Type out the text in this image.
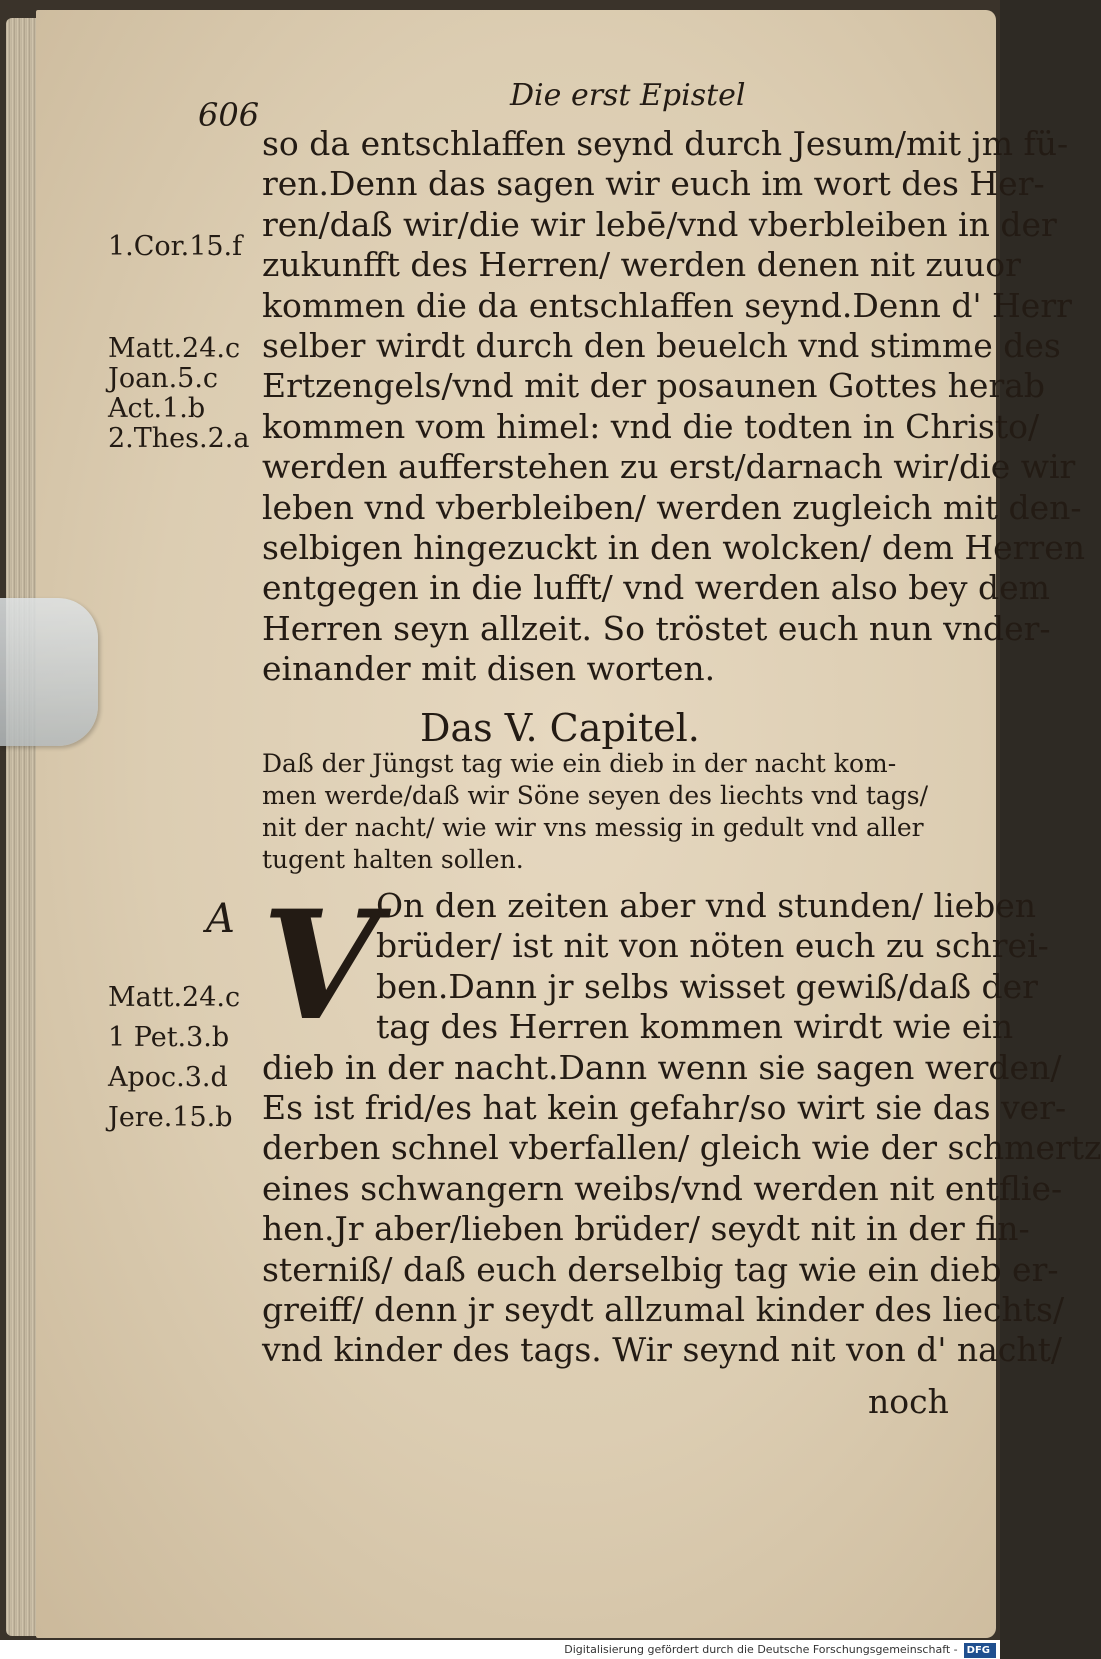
Die erst Epistel
606
so da entschlaffen seynd durch Jesum/mit jm fü-
ren.Denn das sagen wir euch im wort des Her-
ren/daß wir/die wir lebē/vnd vberbleiben in der
zukunfft des Herren/ werden denen nit zuuor
kommen die da entschlaffen seynd.Denn d' Herr
selber wirdt durch den beuelch vnd stimme des
Ertzengels/vnd mit der posaunen Gottes herab
kommen vom himel: vnd die todten in Christo/
werden aufferstehen zu erst/darnach wir/die wir
leben vnd vberbleiben/ werden zugleich mit den-
selbigen hingezuckt in den wolcken/ dem Herren
entgegen in die lufft/ vnd werden also bey dem
Herren seyn allzeit. So tröstet euch nun vnder-
einander mit disen worten.
1.Cor.15.f
Matt.24.c
Joan.5.c
Act.1.b
2.Thes.2.a
Das V. Capitel.
Daß der Jüngst tag wie ein dieb in der nacht kom-
men werde/daß wir Söne seyen des liechts vnd tags/
nit der nacht/ wie wir vns messig in gedult vnd aller
tugent halten sollen.
A V
On den zeiten aber vnd stunden/ lieben
brüder/ ist nit von nöten euch zu schrei-
ben.Dann jr selbs wisset gewiß/daß der
tag des Herren kommen wirdt wie ein
dieb in der nacht.Dann wenn sie sagen werden/
Es ist frid/es hat kein gefahr/so wirt sie das ver-
derben schnel vberfallen/ gleich wie der schmertz
eines schwangern weibs/vnd werden nit entflie-
hen.Jr aber/lieben brüder/ seydt nit in der fin-
sterniß/ daß euch derselbig tag wie ein dieb er-
greiff/ denn jr seydt allzumal kinder des liechts/
vnd kinder des tags. Wir seynd nit von d' nacht/
Matt.24.c
1 Pet.3.b
Apoc.3.d
Jere.15.b
noch
Digitalisierung gefördert durch die Deutsche Forschungsgemeinschaft - DFG
